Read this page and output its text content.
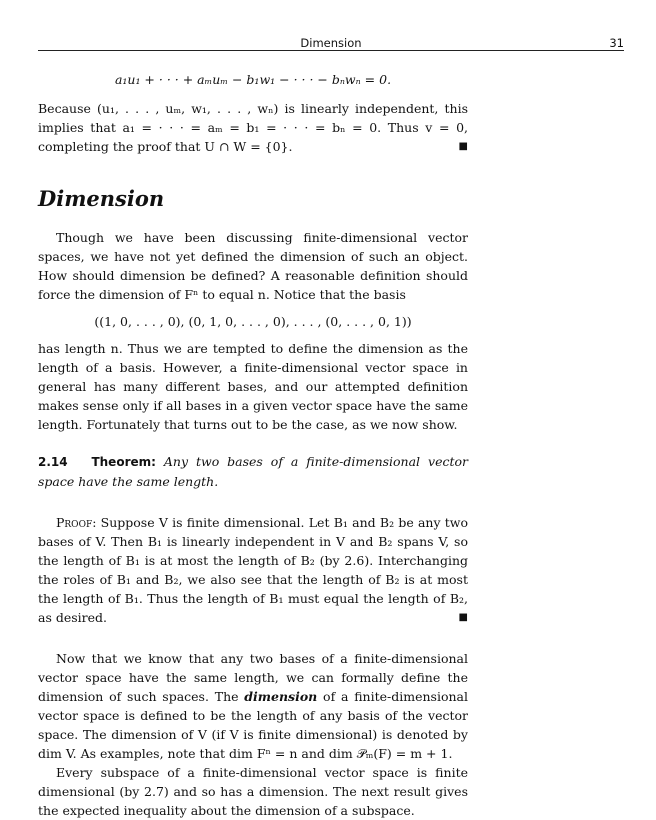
Dimension	31

a₁u₁ + · · · + aₘuₘ − b₁w₁ − · · · − bₙwₙ = 0.

Because (u₁, . . . , uₘ, w₁, . . . , wₙ) is linearly independent, this implies that a₁ = · · · = aₘ = b₁ = · · · = bₙ = 0. Thus v = 0, completing the proof that U ∩ W = {0}.	■

Dimension

Though we have been discussing finite-dimensional vector spaces, we have not yet defined the dimension of such an object. How should dimension be defined? A reasonable definition should force the dimension of Fⁿ to equal n. Notice that the basis

((1, 0, . . . , 0), (0, 1, 0, . . . , 0), . . . , (0, . . . , 0, 1))

has length n. Thus we are tempted to define the dimension as the length of a basis. However, a finite-dimensional vector space in general has many different bases, and our attempted definition makes sense only if all bases in a given vector space have the same length. Fortunately that turns out to be the case, as we now show.

2.14 Theorem: Any two bases of a finite-dimensional vector space have the same length.

Proof: Suppose V is finite dimensional. Let B₁ and B₂ be any two bases of V. Then B₁ is linearly independent in V and B₂ spans V, so the length of B₁ is at most the length of B₂ (by 2.6). Interchanging the roles of B₁ and B₂, we also see that the length of B₂ is at most the length of B₁. Thus the length of B₁ must equal the length of B₂, as desired.	■

Now that we know that any two bases of a finite-dimensional vector space have the same length, we can formally define the dimension of such spaces. The dimension of a finite-dimensional vector space is defined to be the length of any basis of the vector space. The dimension of V (if V is finite dimensional) is denoted by dim V. As examples, note that dim Fⁿ = n and dim 𝒫ₘ(F) = m + 1.

Every subspace of a finite-dimensional vector space is finite dimensional (by 2.7) and so has a dimension. The next result gives the expected inequality about the dimension of a subspace.
